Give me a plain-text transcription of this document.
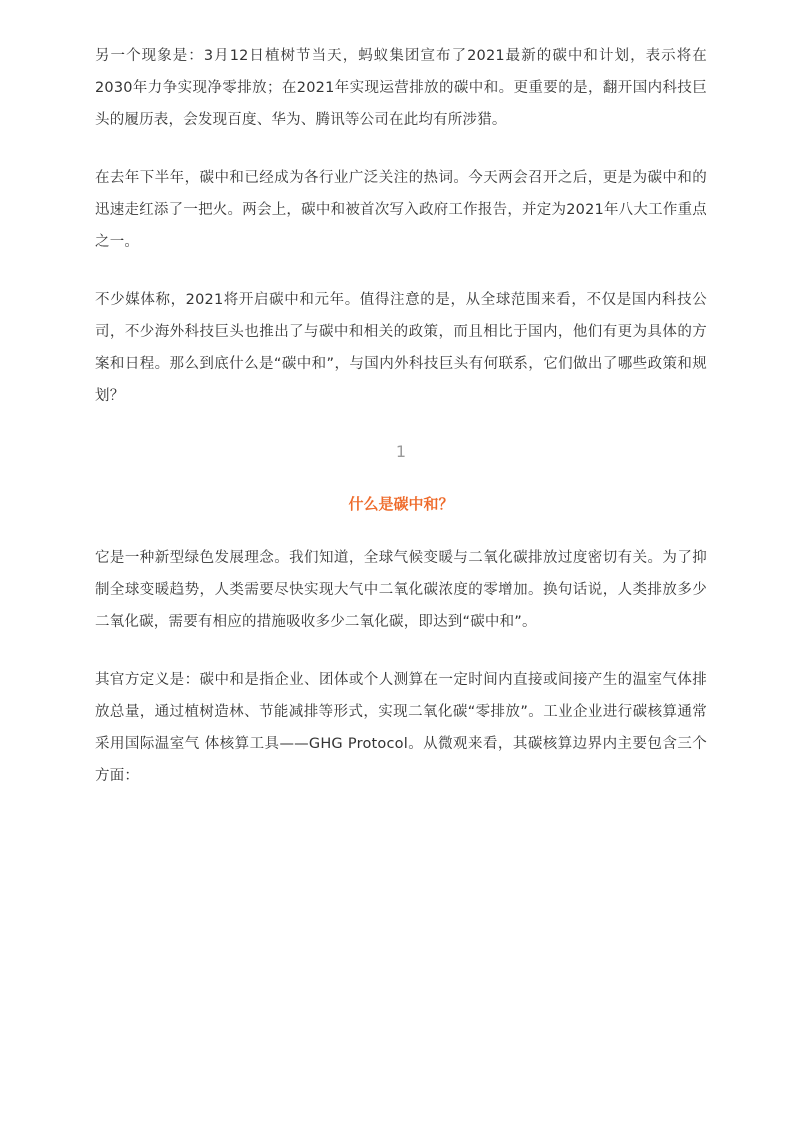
另一个现象是：3月12日植树节当天，蚂蚁集团宣布了2021最新的碳中和计划，表示将在2030年力争实现净零排放；在2021年实现运营排放的碳中和。更重要的是，翻开国内科技巨头的履历表，会发现百度、华为、腾讯等公司在此均有所涉猎。

在去年下半年，碳中和已经成为各行业广泛关注的热词。今天两会召开之后，更是为碳中和的迅速走红添了一把火。两会上，碳中和被首次写入政府工作报告，并定为2021年八大工作重点之一。

不少媒体称，2021将开启碳中和元年。值得注意的是，从全球范围来看，不仅是国内科技公司，不少海外科技巨头也推出了与碳中和相关的政策，而且相比于国内，他们有更为具体的方案和日程。那么到底什么是“碳中和”，与国内外科技巨头有何联系，它们做出了哪些政策和规划？

1
什么是碳中和？

它是一种新型绿色发展理念。我们知道，全球气候变暖与二氧化碳排放过度密切有关。为了抑制全球变暖趋势，人类需要尽快实现大气中二氧化碳浓度的零增加。换句话说，人类排放多少二氧化碳，需要有相应的措施吸收多少二氧化碳，即达到“碳中和”。

其官方定义是：碳中和是指企业、团体或个人测算在一定时间内直接或间接产生的温室气体排放总量，通过植树造林、节能减排等形式，实现二氧化碳“零排放”。工业企业进行碳核算通常采用国际温室气 体核算工具——GHG Protocol。从微观来看，其碳核算边界内主要包含三个方面：
